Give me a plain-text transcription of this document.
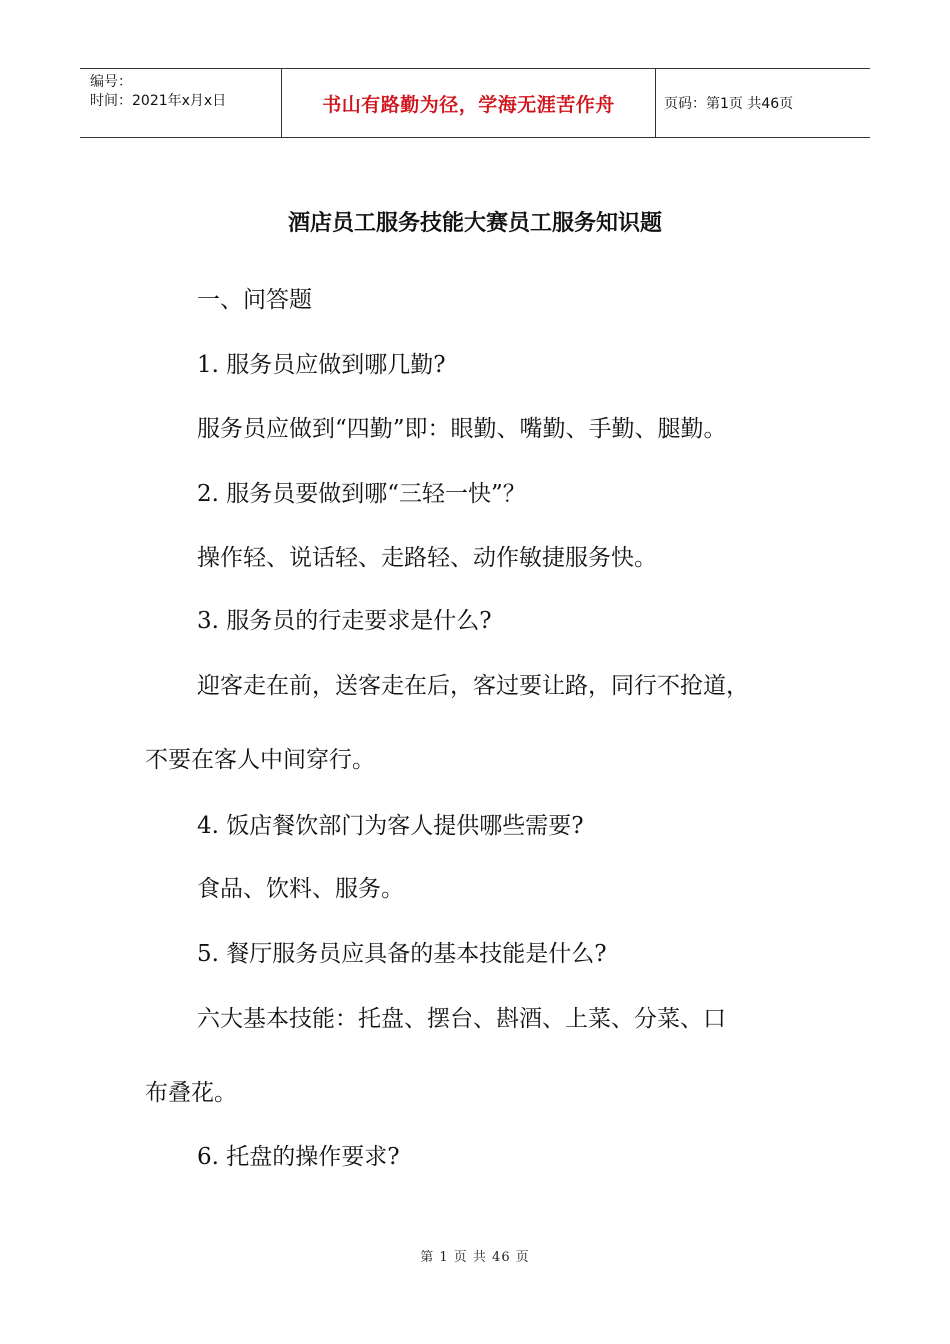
编号：
时间：2021年x月x日	书山有路勤为径，学海无涯苦作舟	页码：第1页 共46页
酒店员工服务技能大赛员工服务知识题
一、问答题
1. 服务员应做到哪几勤?
服务员应做到“四勤”即：眼勤、嘴勤、手勤、腿勤。
2. 服务员要做到哪“三轻一快”？
操作轻、说话轻、走路轻、动作敏捷服务快。
3. 服务员的行走要求是什么?
迎客走在前，送客走在后，客过要让路，同行不抢道，
不要在客人中间穿行。
4. 饭店餐饮部门为客人提供哪些需要?
食品、饮料、服务。
5. 餐厅服务员应具备的基本技能是什么?
六大基本技能：托盘、摆台、斟酒、上菜、分菜、口
布叠花。
6. 托盘的操作要求?
第 1 页 共 46 页
